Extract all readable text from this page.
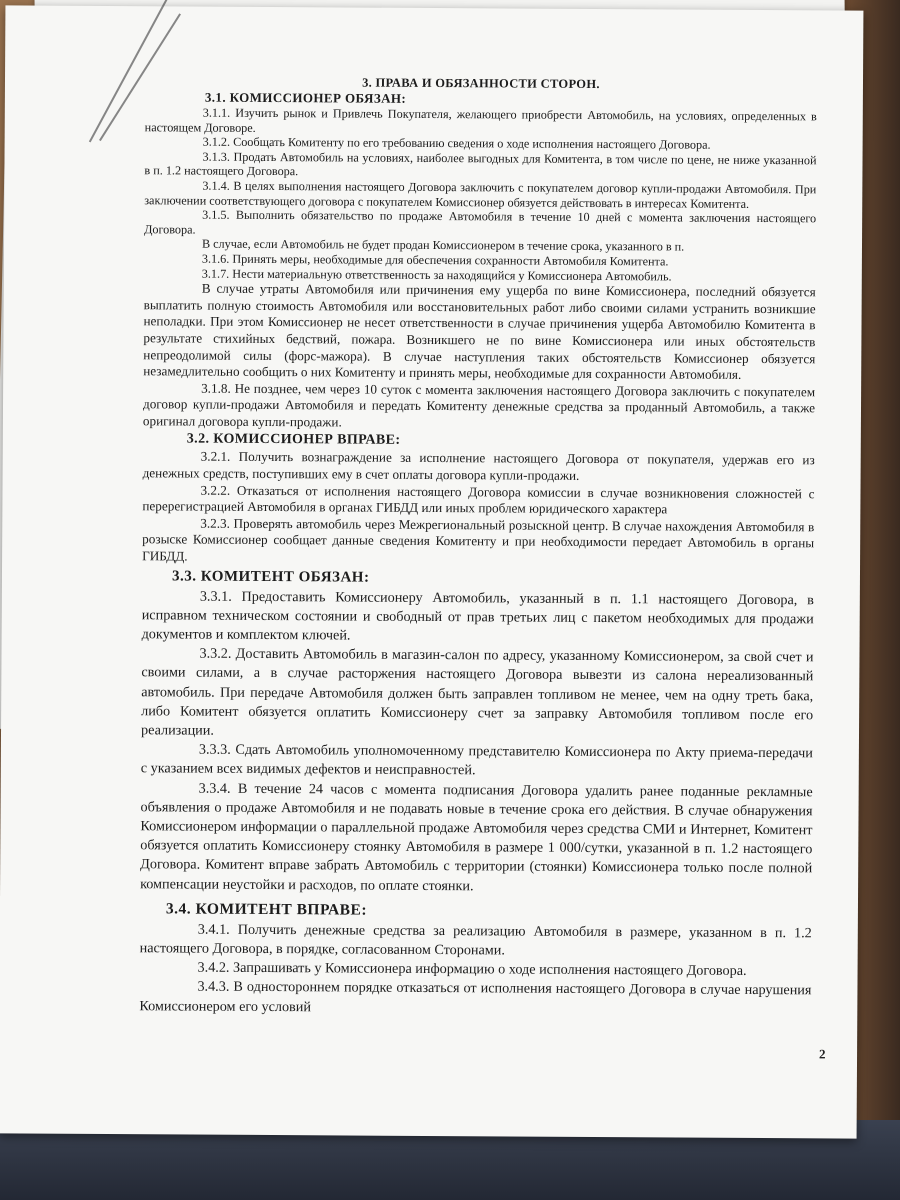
3. ПРАВА И ОБЯЗАННОСТИ СТОРОН.
3.1. КОМИССИОНЕР ОБЯЗАН:

3.1.1. Изучить рынок и Привлечь Покупателя, желающего приобрести Автомобиль, на условиях, определенных в настоящем Договоре.

3.1.2. Сообщать Комитенту по его требованию сведения о ходе исполнения настоящего Договора.

3.1.3. Продать Автомобиль на условиях, наиболее выгодных для Комитента, в том числе по цене, не ниже указанной в п. 1.2 настоящего Договора.

3.1.4. В целях выполнения настоящего Договора заключить с покупателем договор купли-продажи Автомобиля. При заключении соответствующего договора с покупателем Комиссионер обязуется действовать в интересах Комитента.

3.1.5. Выполнить обязательство по продаже Автомобиля в течение 10 дней с момента заключения настоящего Договора.

В случае, если Автомобиль не будет продан Комиссионером в течение срока, указанного в п.

3.1.6. Принять меры, необходимые для обеспечения сохранности Автомобиля Комитента.

3.1.7. Нести материальную ответственность за находящийся у Комиссионера Автомобиль.

В случае утраты Автомобиля или причинения ему ущерба по вине Комиссионера, последний обязуется выплатить полную стоимость Автомобиля или восстановительных работ либо своими силами устранить возникшие неполадки. При этом Комиссионер не несет ответственности в случае причинения ущерба Автомобилю Комитента в результате стихийных бедствий, пожара. Возникшего не по вине Комиссионера или иных обстоятельств непреодолимой силы (форс-мажора). В случае наступления таких обстоятельств Комиссионер обязуется незамедлительно сообщить о них Комитенту и принять меры, необходимые для сохранности Автомобиля.

3.1.8. Не позднее, чем через 10 суток с момента заключения настоящего Договора заключить с покупателем договор купли-продажи Автомобиля и передать Комитенту денежные средства за проданный Автомобиль, а также оригинал договора купли-продажи.

3.2. КОМИССИОНЕР ВПРАВЕ:

3.2.1. Получить вознаграждение за исполнение настоящего Договора от покупателя, удержав его из денежных средств, поступивших ему в счет оплаты договора купли-продажи.

3.2.2. Отказаться от исполнения настоящего Договора комиссии в случае возникновения сложностей с перерегистрацией Автомобиля в органах ГИБДД или иных проблем юридического характера

3.2.3. Проверять автомобиль через Межрегиональный розыскной центр. В случае нахождения Автомобиля в розыске Комиссионер сообщает данные сведения Комитенту и при необходимости передает Автомобиль в органы ГИБДД.

3.3. КОМИТЕНТ ОБЯЗАН:

3.3.1. Предоставить Комиссионеру Автомобиль, указанный в п. 1.1 настоящего Договора, в исправном техническом состоянии и свободный от прав третьих лиц с пакетом необходимых для продажи документов и комплектом ключей.

3.3.2. Доставить Автомобиль в магазин-салон по адресу, указанному Комиссионером, за свой счет и своими силами, а в случае расторжения настоящего Договора вывезти из салона нереализованный автомобиль. При передаче Автомобиля должен быть заправлен топливом не менее, чем на одну треть бака, либо Комитент обязуется оплатить Комиссионеру счет за заправку Автомобиля топливом после его реализации.

3.3.3. Сдать Автомобиль уполномоченному представителю Комиссионера по Акту приема-передачи с указанием всех видимых дефектов и неисправностей.

3.3.4. В течение 24 часов с момента подписания Договора удалить ранее поданные рекламные объявления о продаже Автомобиля и не подавать новые в течение срока его действия. В случае обнаружения Комиссионером информации о параллельной продаже Автомобиля через средства СМИ и Интернет, Комитент обязуется оплатить Комиссионеру стоянку Автомобиля в размере 1 000/сутки, указанной в п. 1.2 настоящего Договора. Комитент вправе забрать Автомобиль с территории (стоянки) Комиссионера только после полной компенсации неустойки и расходов, по оплате стоянки.

3.4. КОМИТЕНТ ВПРАВЕ:

3.4.1. Получить денежные средства за реализацию Автомобиля в размере, указанном в п. 1.2 настоящего Договора, в порядке, согласованном Сторонами.

3.4.2. Запрашивать у Комиссионера информацию о ходе исполнения настоящего Договора.

3.4.3. В одностороннем порядке отказаться от исполнения настоящего Договора в случае нарушения Комиссионером его условий

2
